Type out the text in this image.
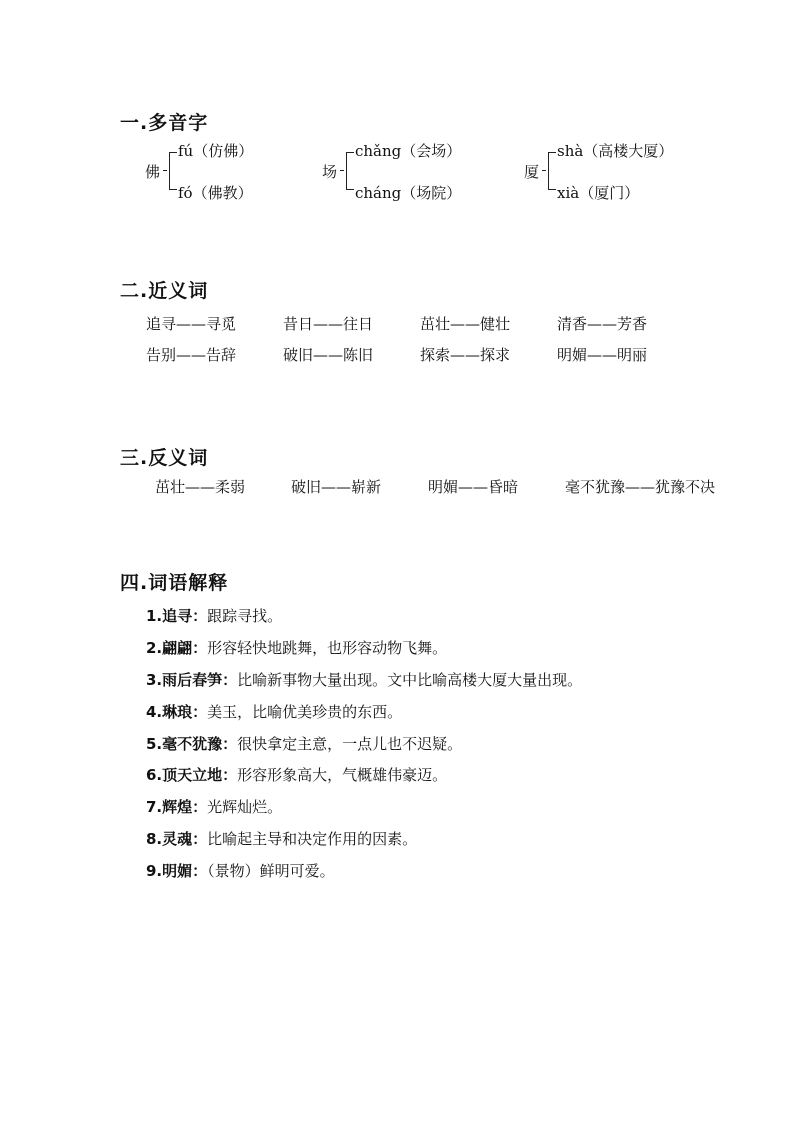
一.多音字
佛
fú（仿佛）
fó（佛教）
场
chǎng（会场）
cháng（场院）
厦
shà（高楼大厦）
xià（厦门）
二.近义词
追寻——寻觅	昔日——往日	茁壮——健壮	清香——芳香
告别——告辞	破旧——陈旧	探索——探求	明媚——明丽
三.反义词
茁壮——柔弱	破旧——崭新	明媚——昏暗	毫不犹豫——犹豫不决
四.词语解释
1.追寻：跟踪寻找。
2.翩翩：形容轻快地跳舞，也形容动物飞舞。
3.雨后春笋：比喻新事物大量出现。文中比喻高楼大厦大量出现。
4.琳琅：美玉，比喻优美珍贵的东西。
5.毫不犹豫：很快拿定主意，一点儿也不迟疑。
6.顶天立地：形容形象高大，气概雄伟豪迈。
7.辉煌：光辉灿烂。
8.灵魂：比喻起主导和决定作用的因素。
9.明媚：（景物）鲜明可爱。
